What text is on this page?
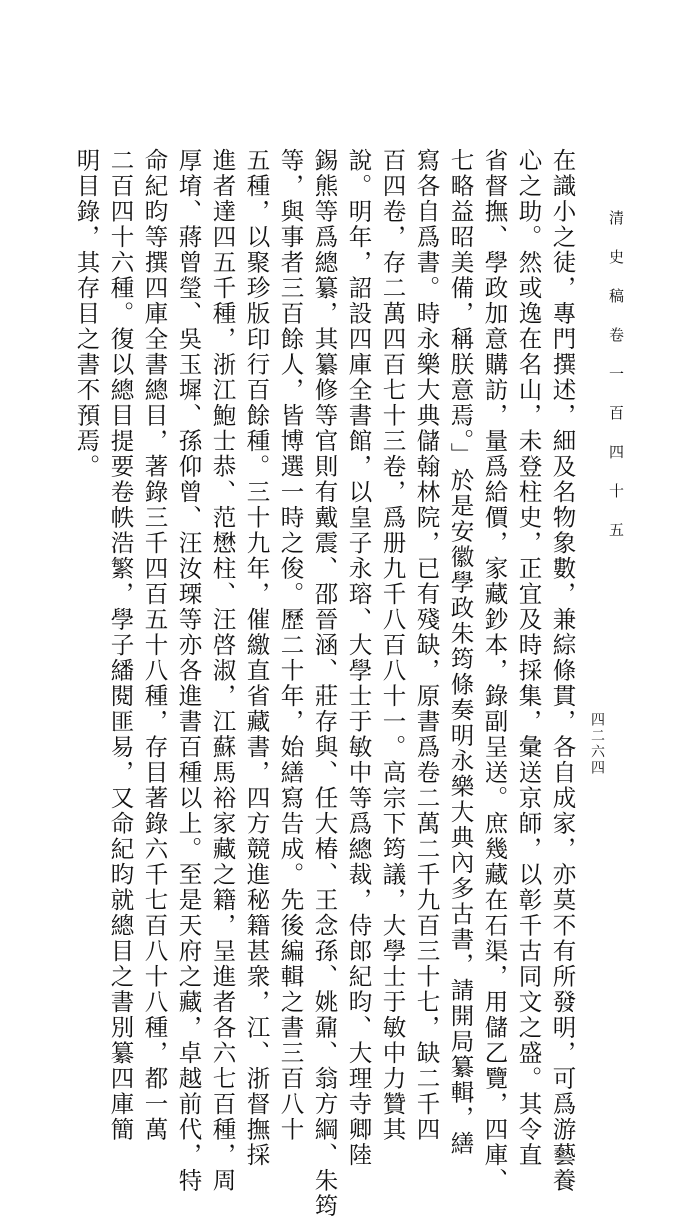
清 史 稿 卷 一 百 四 十 五
四二六四
在識小之徒，專門撰述，細及名物象數，兼綜條貫，各自成家，亦莫不有所發明，可爲游藝養
心之助。然或逸在名山，未登柱史，正宜及時採集，彙送京師，以彰千古同文之盛。其令直
省督撫、學政加意購訪，量爲給價，家藏鈔本，錄副呈送。庶幾藏在石渠，用儲乙覽，四庫、
七略益昭美備，稱朕意焉。」於是安徽學政朱筠條奏明永樂大典內多古書，請開局纂輯，繕
寫各自爲書。時永樂大典儲翰林院，已有殘缺，原書爲卷二萬二千九百三十七，缺二千四
百四卷，存二萬四百七十三卷，爲册九千八百八十一。高宗下筠議，大學士于敏中力贊其
說。明年，詔設四庫全書館，以皇子永瑢、大學士于敏中等爲總裁，侍郎紀昀、大理寺卿陸
錫熊等爲總纂，其纂修等官則有戴震、邵晉涵、莊存與、任大椿、王念孫、姚鼐、翁方綱、朱筠
等，與事者三百餘人，皆博選一時之俊。歷二十年，始繕寫告成。先後編輯之書三百八十
五種，以聚珍版印行百餘種。三十九年，催繳直省藏書，四方競進秘籍甚衆，江、浙督撫採
進者達四五千種，浙江鮑士恭、范懋柱、汪啓淑，江蘇馬裕家藏之籍，呈進者各六七百種，周
厚堉、蔣曾瑩、吳玉墀、孫仰曾、汪汝瑮等亦各進書百種以上。至是天府之藏，卓越前代，特
命紀昀等撰四庫全書總目，著錄三千四百五十八種，存目著錄六千七百八十八種，都一萬
二百四十六種。復以總目提要卷帙浩繁，學子繙閱匪易，又命紀昀就總目之書別纂四庫簡
明目錄，其存目之書不預焉。
